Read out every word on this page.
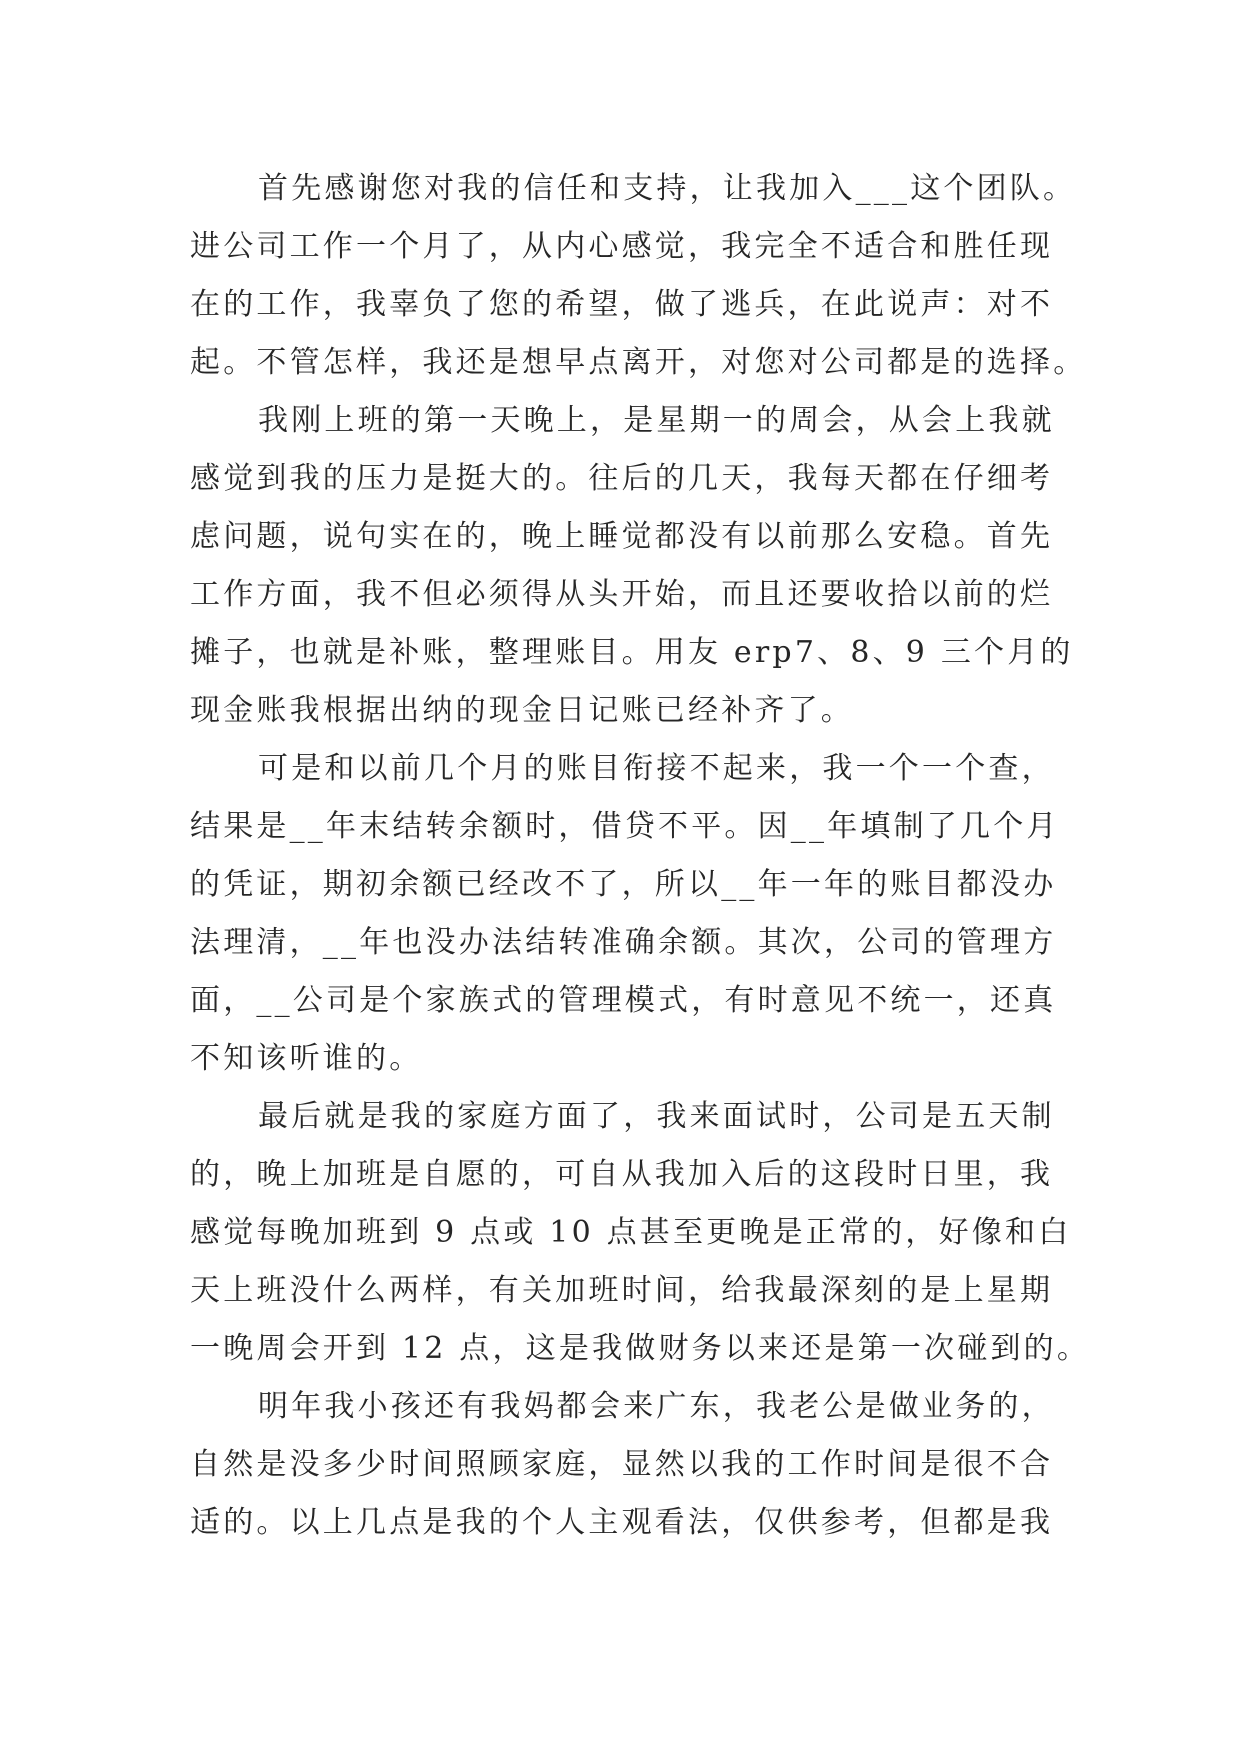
首先感谢您对我的信任和支持，让我加入___这个团队。
进公司工作一个月了，从内心感觉，我完全不适合和胜任现
在的工作，我辜负了您的希望，做了逃兵，在此说声：对不
起。不管怎样，我还是想早点离开，对您对公司都是的选择。
我刚上班的第一天晚上，是星期一的周会，从会上我就
感觉到我的压力是挺大的。往后的几天，我每天都在仔细考
虑问题，说句实在的，晚上睡觉都没有以前那么安稳。首先
工作方面，我不但必须得从头开始，而且还要收拾以前的烂
摊子，也就是补账，整理账目。用友 erp7、8、9 三个月的
现金账我根据出纳的现金日记账已经补齐了。
可是和以前几个月的账目衔接不起来，我一个一个查，
结果是__年末结转余额时，借贷不平。因__年填制了几个月
的凭证，期初余额已经改不了，所以__年一年的账目都没办
法理清，__年也没办法结转准确余额。其次，公司的管理方
面，__公司是个家族式的管理模式，有时意见不统一，还真
不知该听谁的。
最后就是我的家庭方面了，我来面试时，公司是五天制
的，晚上加班是自愿的，可自从我加入后的这段时日里，我
感觉每晚加班到 9 点或 10 点甚至更晚是正常的，好像和白
天上班没什么两样，有关加班时间，给我最深刻的是上星期
一晚周会开到 12 点，这是我做财务以来还是第一次碰到的。
明年我小孩还有我妈都会来广东，我老公是做业务的，
自然是没多少时间照顾家庭，显然以我的工作时间是很不合
适的。以上几点是我的个人主观看法，仅供参考，但都是我
